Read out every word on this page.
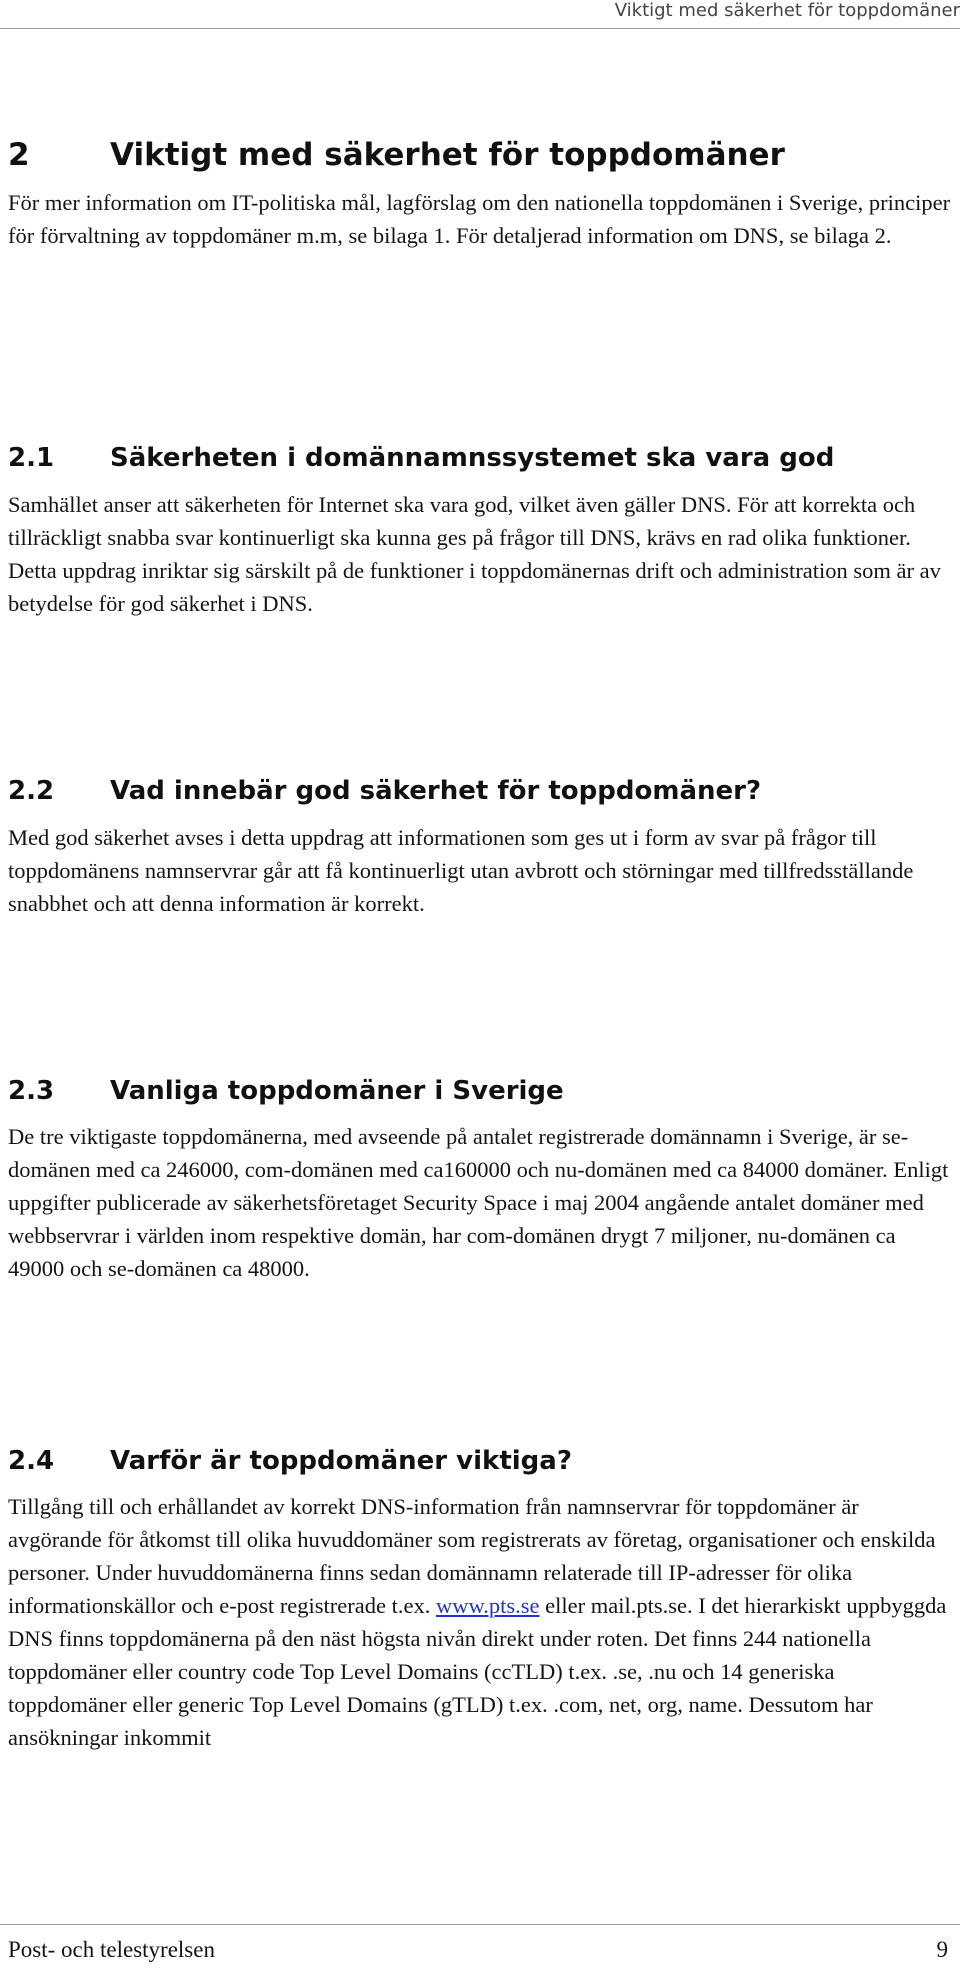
Viktigt med säkerhet för toppdomäner
2	Viktigt med säkerhet för toppdomäner

För mer information om IT-politiska mål, lagförslag om den nationella toppdomänen i Sverige, principer för förvaltning av toppdomäner m.m, se bilaga 1. För detaljerad information om DNS, se bilaga 2.

2.1 Säkerheten i domännamnssystemet ska vara god

Samhället anser att säkerheten för Internet ska vara god, vilket även gäller DNS. För att korrekta och tillräckligt snabba svar kontinuerligt ska kunna ges på frågor till DNS, krävs en rad olika funktioner. Detta uppdrag inriktar sig särskilt på de funktioner i toppdomänernas drift och administration som är av betydelse för god säkerhet i DNS.

2.2 Vad innebär god säkerhet för toppdomäner?

Med god säkerhet avses i detta uppdrag att informationen som ges ut i form av svar på frågor till toppdomänens namnservrar går att få kontinuerligt utan avbrott och störningar med tillfredsställande snabbhet och att denna information är korrekt.

2.3 Vanliga toppdomäner i Sverige

De tre viktigaste toppdomänerna, med avseende på antalet registrerade domännamn i Sverige, är se-domänen med ca 246000, com-domänen med ca160000 och nu-domänen med ca 84000 domäner. Enligt uppgifter publicerade av säkerhetsföretaget Security Space i maj 2004 angående antalet domäner med webbservrar i världen inom respektive domän, har com-domänen drygt 7 miljoner, nu-domänen ca 49000 och se-domänen ca 48000.

2.4 Varför är toppdomäner viktiga?

Tillgång till och erhållandet av korrekt DNS-information från namnservrar för toppdomäner är avgörande för åtkomst till olika huvuddomäner som registrerats av företag, organisationer och enskilda personer. Under huvuddomänerna finns sedan domännamn relaterade till IP-adresser för olika informationskällor och e-post registrerade t.ex. www.pts.se eller mail.pts.se. I det hierarkiskt uppbyggda DNS finns toppdomänerna på den näst högsta nivån direkt under roten. Det finns 244 nationella toppdomäner eller country code Top Level Domains (ccTLD) t.ex. .se, .nu och 14 generiska toppdomäner eller generic Top Level Domains (gTLD) t.ex. .com, net, org, name. Dessutom har ansökningar inkommit

Post- och telestyrelsen	9
